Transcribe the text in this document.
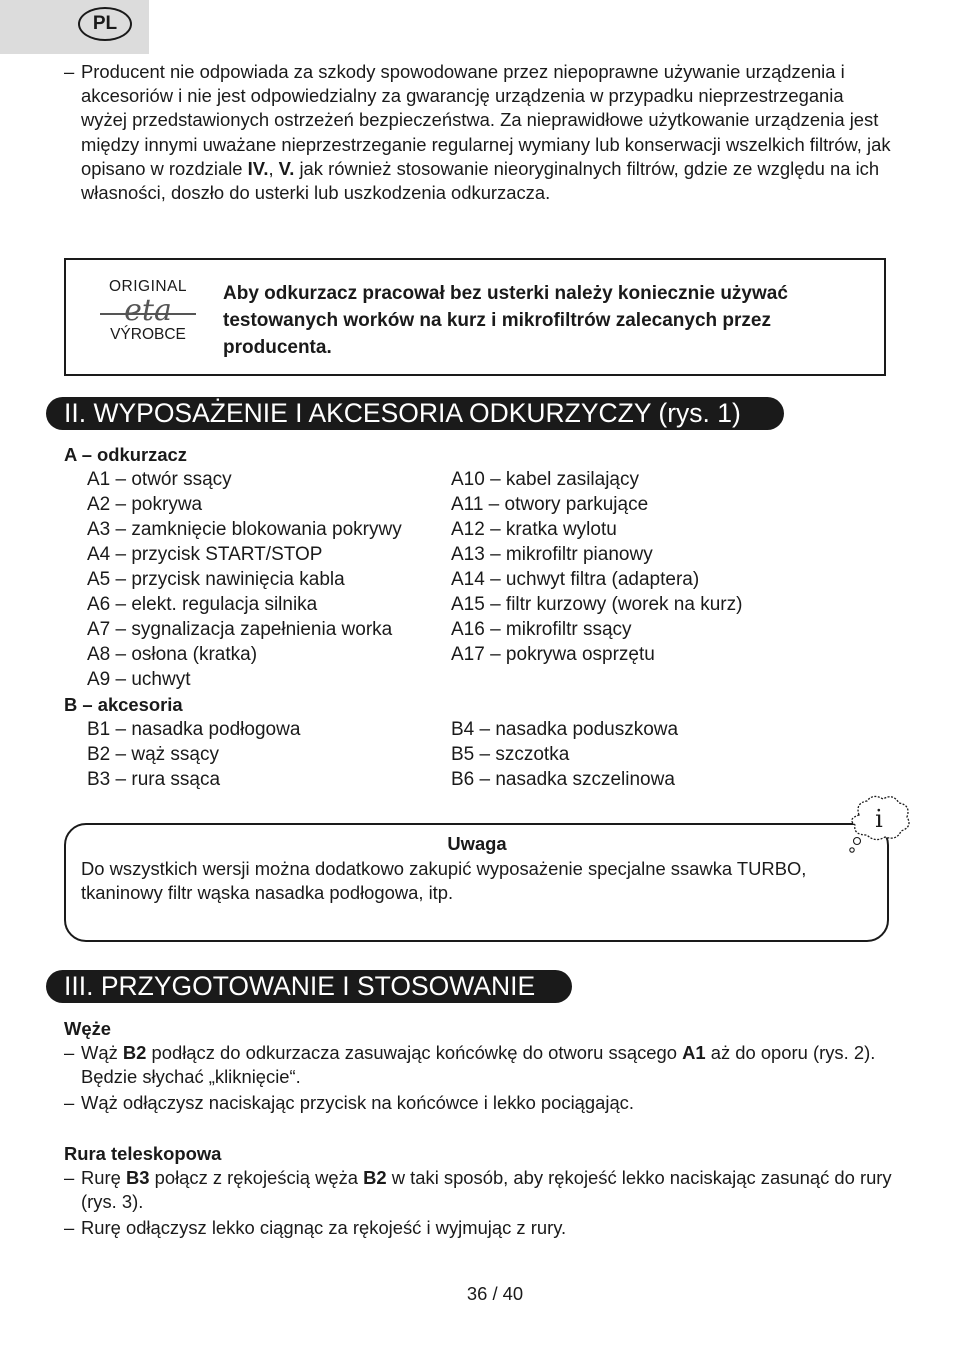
PL

– Producent nie odpowiada za szkody spowodowane przez niepoprawne używanie urządzenia i akcesoriów i nie jest odpowiedzialny za gwarancję urządzenia w przypadku nieprzestrzegania wyżej przedstawionych ostrzeżeń bezpieczeństwa. Za nieprawidłowe użytkowanie urządzenia jest między innymi uważane nieprzestrzeganie regularnej wymiany lub konserwacji wszelkich filtrów, jak opisano w rozdziale IV., V. jak również stosowanie nieoryginalnych filtrów, gdzie ze względu na ich własności, doszło do usterki lub uszkodzenia odkurzacza.

ORIGINAL
eta
VÝROBCE
Aby odkurzacz pracował bez usterki należy koniecznie używać testowanych worków na kurz i mikrofiltrów zalecanych przez producenta.
II. WYPOSAŻENIE I AKCESORIA ODKURZYCZY (rys. 1)
A – odkurzacz
A1 – otwór ssący
A2 – pokrywa
A3 – zamknięcie blokowania pokrywy
A4 – przycisk START/STOP
A5 – przycisk nawinięcia kabla
A6 – elekt. regulacja silnika
A7 – sygnalizacja zapełnienia worka
A8 – osłona (kratka)
A9 – uchwyt
A10 – kabel zasilający
A11 – otwory parkujące
A12 – kratka wylotu
A13 – mikrofiltr pianowy
A14 – uchwyt filtra (adaptera)
A15 – filtr kurzowy (worek na kurz)
A16 – mikrofiltr ssący
A17 – pokrywa osprzętu
B – akcesoria
B1 – nasadka podłogowa
B2 – wąż ssący
B3 – rura ssąca
B4 – nasadka poduszkowa
B5 – szczotka
B6 – nasadka szczelinowa
Uwaga
Do wszystkich wersji można dodatkowo zakupić wyposażenie specjalne ssawka TURBO, tkaninowy filtr wąska nasadka podłogowa, itp.
i
III. PRZYGOTOWANIE I STOSOWANIE
Węże

– Wąż B2 podłącz do odkurzacza zasuwając końcówkę do otworu ssącego A1 aż do oporu (rys. 2). Będzie słychać „kliknięcie“.

– Wąż odłączysz naciskając przycisk na końcówce i lekko pociągając.

Rura teleskopowa

– Rurę B3 połącz z rękojeścią węża B2 w taki sposób, aby rękojeść lekko naciskając zasunąć do rury (rys. 3).

– Rurę odłączysz lekko ciągnąc za rękojeść i wyjmując z rury.

36 / 40
